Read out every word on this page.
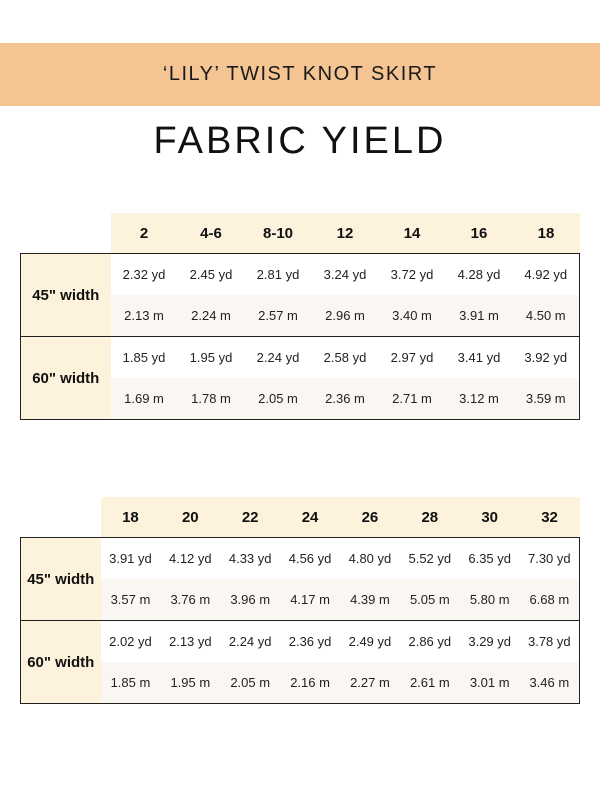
‘LILY’ TWIST KNOT SKIRT
FABRIC YIELD
	2	4-6	8-10	12	14	16	18
45" width	2.32 yd	2.45 yd	2.81 yd	3.24 yd	3.72 yd	4.28 yd	4.92 yd
	2.13 m	2.24 m	2.57 m	2.96 m	3.40 m	3.91 m	4.50 m
60" width	1.85 yd	1.95 yd	2.24 yd	2.58 yd	2.97 yd	3.41 yd	3.92 yd
	1.69 m	1.78 m	2.05 m	2.36 m	2.71 m	3.12 m	3.59 m
	18	20	22	24	26	28	30	32
45" width	3.91 yd	4.12 yd	4.33 yd	4.56 yd	4.80 yd	5.52 yd	6.35 yd	7.30 yd
	3.57 m	3.76 m	3.96 m	4.17 m	4.39 m	5.05 m	5.80 m	6.68 m
60" width	2.02 yd	2.13 yd	2.24 yd	2.36 yd	2.49 yd	2.86 yd	3.29 yd	3.78 yd
	1.85 m	1.95 m	2.05 m	2.16 m	2.27 m	2.61 m	3.01 m	3.46 m
